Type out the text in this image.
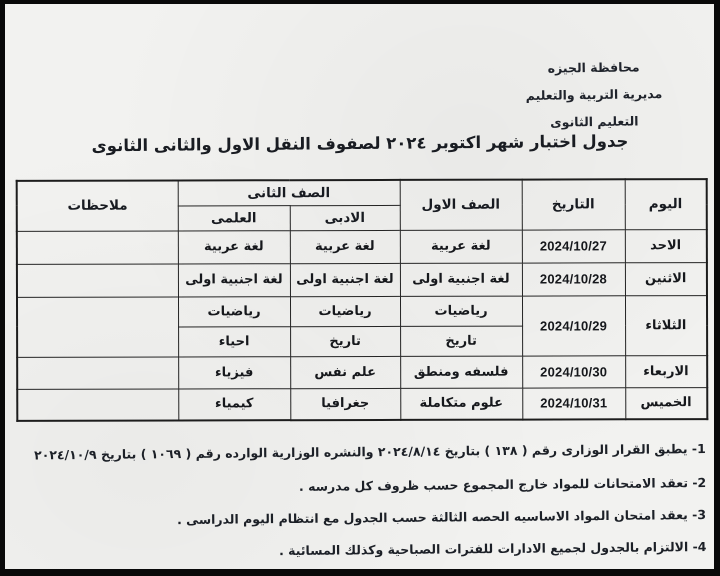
محافظة الجيزه
مديرية التربية والتعليم
التعليم الثانوى
جدول اختبار شهر اكتوبر ٢٠٢٤ لصفوف النقل الاول والثانى الثانوى
اليوم	التاريخ	الصف الاول	الصف الثانى		ملاحظات
			الادبى	العلمى	
الاحد	2024/10/27	لغة عربية	لغة عربية	لغة عربية	
الاثنين	2024/10/28	لغة اجنبية اولى	لغة اجنبية اولى	لغة اجنبية اولى	
الثلاثاء	2024/10/29	رياضيات	رياضيات	رياضيات	
		تاريخ	تاريخ	احياء	
الاربعاء	2024/10/30	فلسفه ومنطق	علم نفس	فيزياء	
الخميس	2024/10/31	علوم متكاملة	جغرافيا	كيمياء	
1- يطبق القرار الوزارى رقم ( ١٣٨ ) بتاريخ ٢٠٢٤/٨/١٤ والنشره الوزارية الوارده رقم ( ١٠٦٩ ) بتاريخ ٢٠٢٤/١٠/٩
2- تعقد الامتحانات للمواد خارج المجموع حسب ظروف كل مدرسه .
3- يعقد امتحان المواد الاساسيه الحصه الثالثة حسب الجدول مع انتظام اليوم الدراسى .
4- الالتزام بالجدول لجميع الادارات للفترات الصباحية وكذلك المسائية .
